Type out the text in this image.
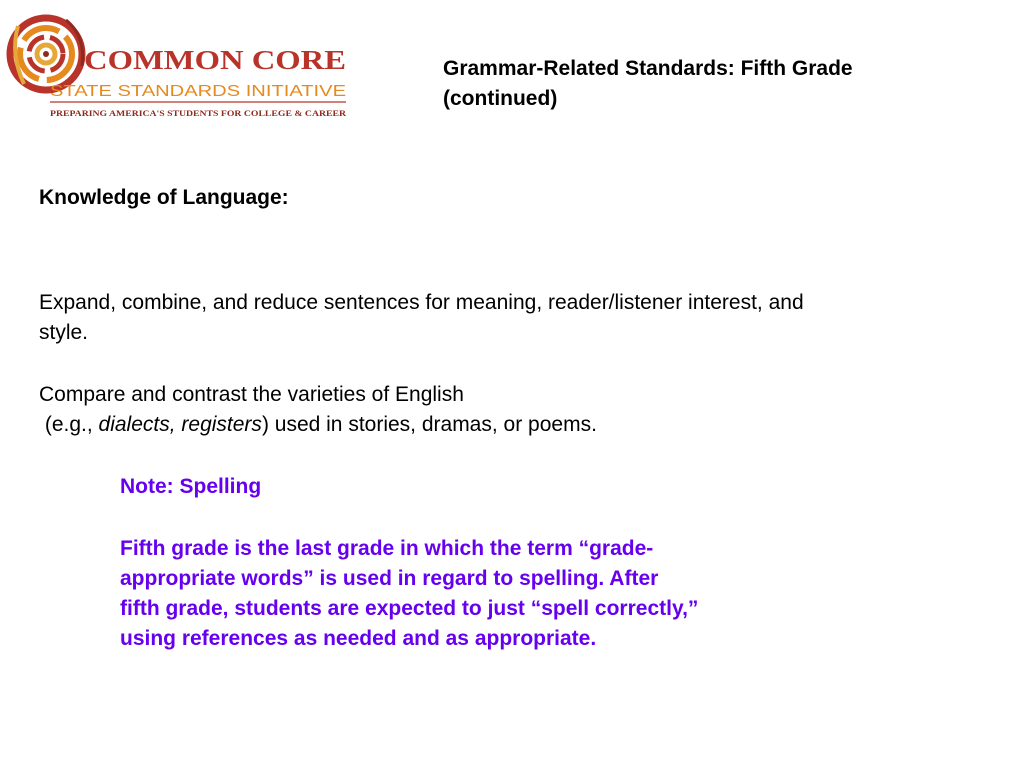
COMMON CORE
STATE STANDARDS INITIATIVE
PREPARING AMERICA'S STUDENTS FOR COLLEGE & CAREER
Grammar-Related Standards: Fifth Grade
(continued)
Knowledge of Language:
Expand, combine, and reduce sentences for meaning, reader/listener interest, and
style.
Compare and contrast the varieties of English
(e.g., dialects, registers) used in stories, dramas, or poems.
Note: Spelling
Fifth grade is the last grade in which the term “grade-
appropriate words” is used in regard to spelling. After
fifth grade, students are expected to just “spell correctly,”
using references as needed and as appropriate.
